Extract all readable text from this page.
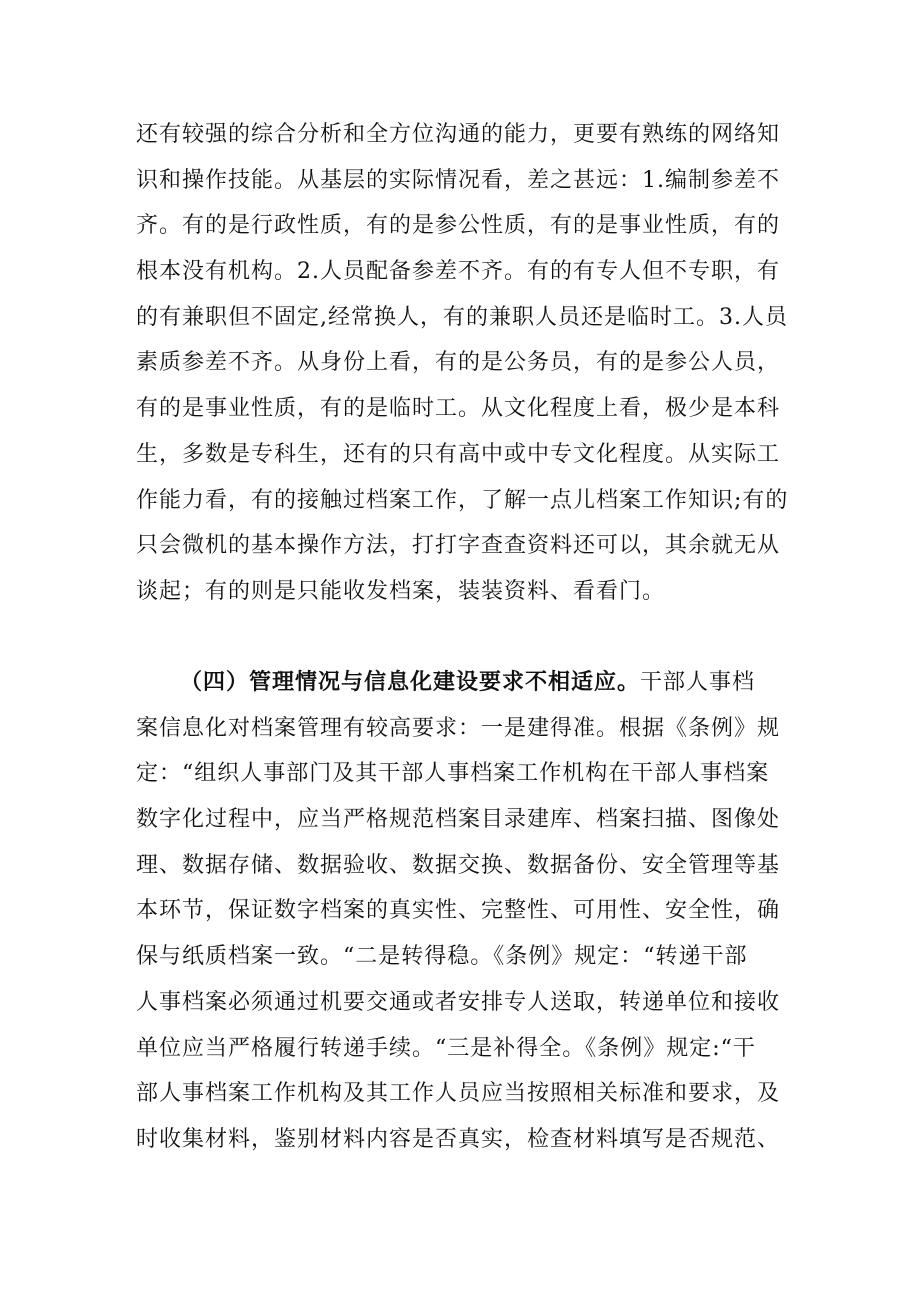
还有较强的综合分析和全方位沟通的能力，更要有熟练的网络知
识和操作技能。从基层的实际情况看，差之甚远：1.编制参差不
齐。有的是行政性质，有的是参公性质，有的是事业性质，有的
根本没有机构。2.人员配备参差不齐。有的有专人但不专职，有
的有兼职但不固定,经常换人，有的兼职人员还是临时工。3.人员
素质参差不齐。从身份上看，有的是公务员，有的是参公人员，
有的是事业性质，有的是临时工。从文化程度上看，极少是本科
生，多数是专科生，还有的只有高中或中专文化程度。从实际工
作能力看，有的接触过档案工作，了解一点儿档案工作知识;有的
只会微机的基本操作方法，打打字查查资料还可以，其余就无从
谈起；有的则是只能收发档案，装装资料、看看门。
（四）管理情况与信息化建设要求不相适应。干部人事档
案信息化对档案管理有较高要求：一是建得准。根据《条例》规
定：“组织人事部门及其干部人事档案工作机构在干部人事档案
数字化过程中，应当严格规范档案目录建库、档案扫描、图像处
理、数据存储、数据验收、数据交换、数据备份、安全管理等基
本环节，保证数字档案的真实性、完整性、可用性、安全性，确
保与纸质档案一致。“二是转得稳。《条例》规定：“转递干部
人事档案必须通过机要交通或者安排专人送取，转递单位和接收
单位应当严格履行转递手续。“三是补得全。《条例》规定:“干
部人事档案工作机构及其工作人员应当按照相关标准和要求，及
时收集材料，鉴别材料内容是否真实，检查材料填写是否规范、
